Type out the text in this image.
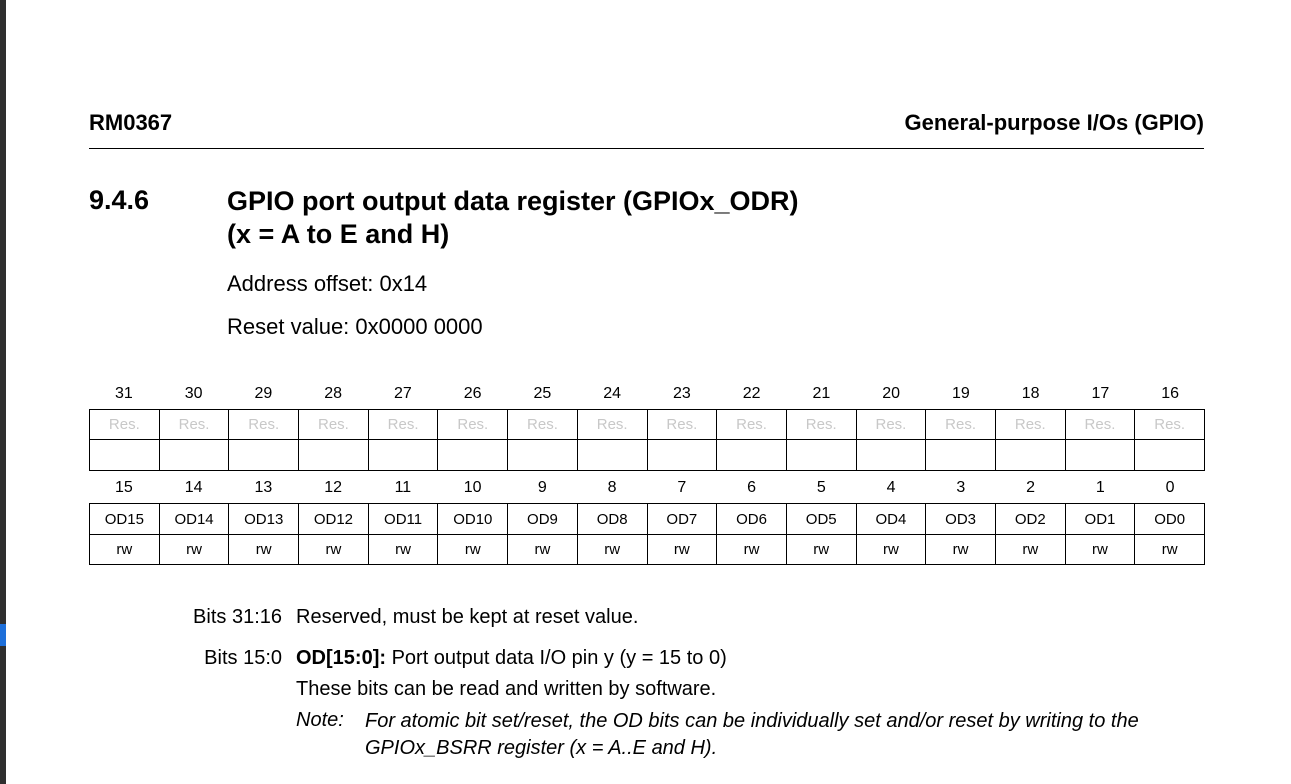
RM0367	General-purpose I/Os (GPIO)
9.4.6	GPIO port output data register (GPIOx_ODR)
(x = A to E and H)
Address offset: 0x14
Reset value: 0x0000 0000
31	30	29	28	27	26	25	24	23	22	21	20	19	18	17	16
Res.	Res.	Res.	Res.	Res.	Res.	Res.	Res.	Res.	Res.	Res.	Res.	Res.	Res.	Res.	Res.

15	14	13	12	11	10	9	8	7	6	5	4	3	2	1	0
OD15	OD14	OD13	OD12	OD11	OD10	OD9	OD8	OD7	OD6	OD5	OD4	OD3	OD2	OD1	OD0
rw	rw	rw	rw	rw	rw	rw	rw	rw	rw	rw	rw	rw	rw	rw	rw
Bits 31:16 Reserved, must be kept at reset value.
Bits 15:0 OD[15:0]: Port output data I/O pin y (y = 15 to 0)
These bits can be read and written by software.
Note: For atomic bit set/reset, the OD bits can be individually set and/or reset by writing to the GPIOx_BSRR register (x = A..E and H).
